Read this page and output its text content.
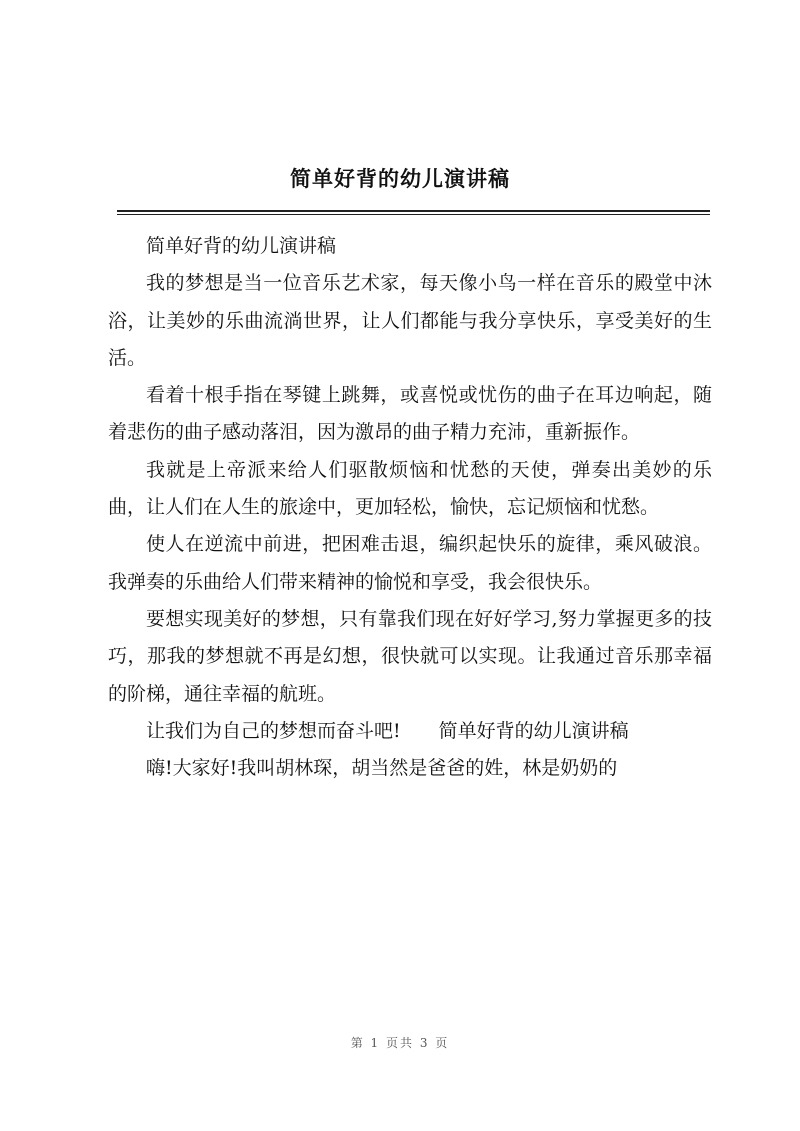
简单好背的幼儿演讲稿

简单好背的幼儿演讲稿

我的梦想是当一位音乐艺术家，每天像小鸟一样在音乐的殿堂中沐浴，让美妙的乐曲流淌世界，让人们都能与我分享快乐，享受美好的生活。

看着十根手指在琴键上跳舞，或喜悦或忧伤的曲子在耳边响起，随着悲伤的曲子感动落泪，因为激昂的曲子精力充沛，重新振作。

我就是上帝派来给人们驱散烦恼和忧愁的天使，弹奏出美妙的乐曲，让人们在人生的旅途中，更加轻松，愉快，忘记烦恼和忧愁。

使人在逆流中前进，把困难击退，编织起快乐的旋律，乘风破浪。我弹奏的乐曲给人们带来精神的愉悦和享受，我会很快乐。

要想实现美好的梦想，只有靠我们现在好好学习,努力掌握更多的技巧，那我的梦想就不再是幻想，很快就可以实现。让我通过音乐那幸福的阶梯，通往幸福的航班。

让我们为自己的梦想而奋斗吧!　　简单好背的幼儿演讲稿

嗨!大家好!我叫胡林琛，胡当然是爸爸的姓，林是奶奶的

第 1 页共 3 页
